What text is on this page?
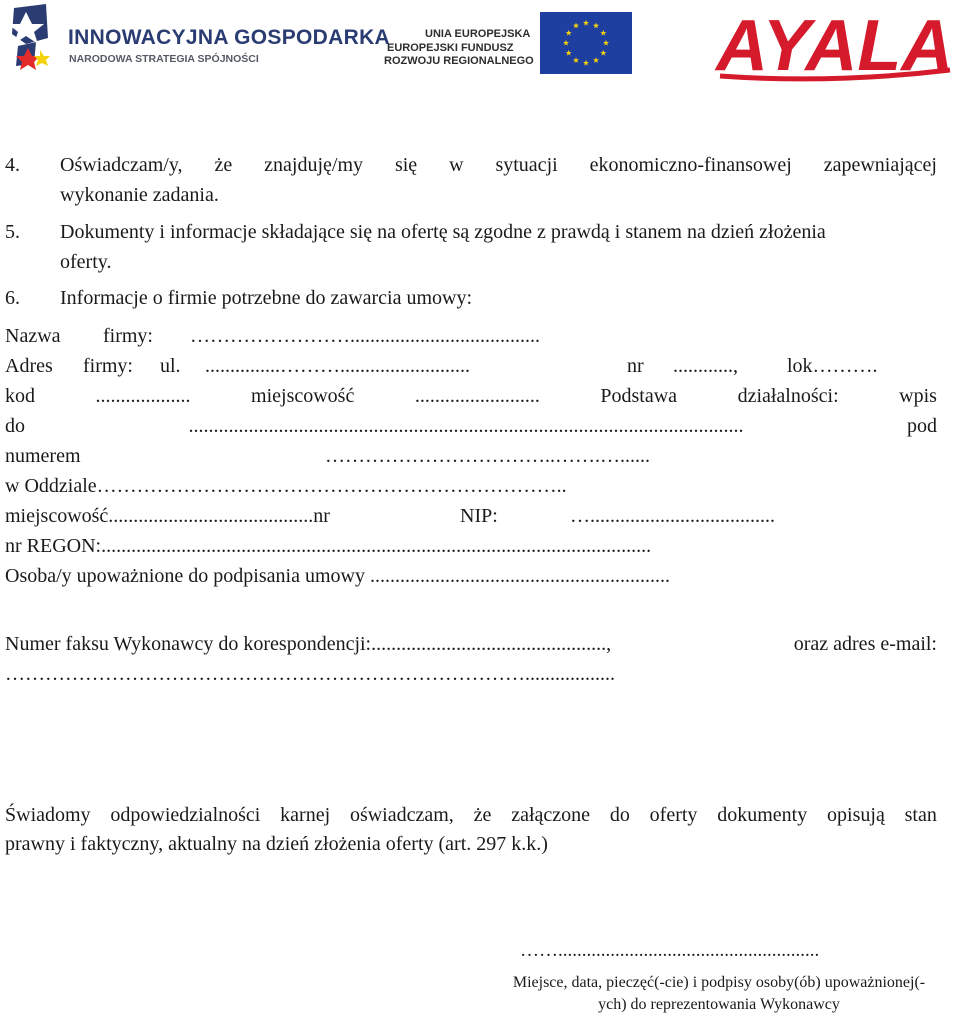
INNOWACYJNA GOSPODARKA
NARODOWA STRATEGIA SPÓJNOŚCI
UNIA EUROPEJSKA
EUROPEJSKI FUNDUSZ
ROZWOJU REGIONALNEGO	AYALA
4. Oświadczam/y, że znajduję/my się w sytuacji ekonomiczno-finansowej zapewniającej
wykonanie zadania.
5. Dokumenty i informacje składające się na ofertę są zgodne z prawdą i stanem na dzień złożenia
oferty.
6. Informacje o firmie potrzebne do zawarcia umowy:
Nazwa firmy: ……………………......................................
Adres firmy: ul. ...............………..........................	nr ............, lok……….
kod	...................	miejscowość	.........................	Podstawa	działalności:	wpis
do	...............................................................................................................	pod
numerem	……………………………..…….…......
w Oddziale……………………………………………………………..
miejscowość.........................................nr	NIP:	….....................................
nr REGON:..............................................................................................................
Osoba/y upoważnione do podpisania umowy ............................................................
Numer faksu Wykonawcy do korespondencji:...............................................,	oraz adres e-mail:
……………………………………………………………………..................
Świadomy odpowiedzialności karnej oświadczam, że załączone do oferty dokumenty opisują stan
prawny i faktyczny, aktualny na dzień złożenia oferty (art. 297 k.k.)
…….......................................................
Miejsce, data, pieczęć(-cie) i podpisy osoby(ób) upoważnionej(-
ych) do reprezentowania Wykonawcy
